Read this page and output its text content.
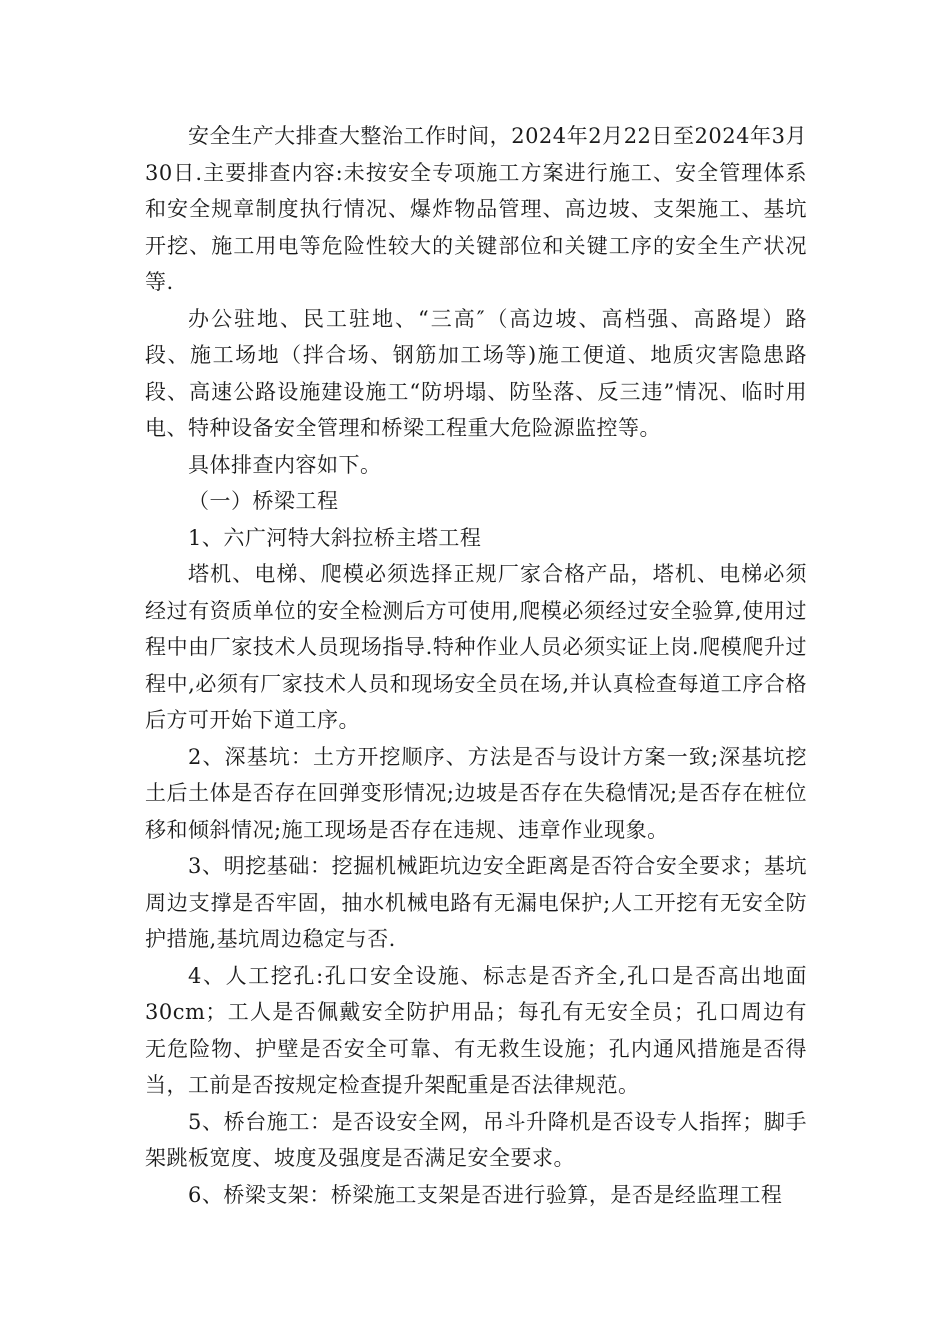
安全生产大排查大整治工作时间，2024年2月22日至2024年3月30日.主要排查内容:未按安全专项施工方案进行施工、安全管理体系和安全规章制度执行情况、爆炸物品管理、高边坡、支架施工、基坑开挖、施工用电等危险性较大的关键部位和关键工序的安全生产状况等.

办公驻地、民工驻地、“三高″（高边坡、高档强、高路堤）路段、施工场地（拌合场、钢筋加工场等)施工便道、地质灾害隐患路段、高速公路设施建设施工“防坍塌、防坠落、反三违”情况、临时用电、特种设备安全管理和桥梁工程重大危险源监控等。

具体排查内容如下。

（一）桥梁工程

1、六广河特大斜拉桥主塔工程

塔机、电梯、爬模必须选择正规厂家合格产品，塔机、电梯必须经过有资质单位的安全检测后方可使用,爬模必须经过安全验算,使用过程中由厂家技术人员现场指导.特种作业人员必须实证上岗.爬模爬升过程中,必须有厂家技术人员和现场安全员在场,并认真检查每道工序合格后方可开始下道工序。

2、深基坑：土方开挖顺序、方法是否与设计方案一致;深基坑挖土后土体是否存在回弹变形情况;边坡是否存在失稳情况;是否存在桩位移和倾斜情况;施工现场是否存在违规、违章作业现象。

3、明挖基础：挖掘机械距坑边安全距离是否符合安全要求；基坑周边支撑是否牢固，抽水机械电路有无漏电保护;人工开挖有无安全防护措施,基坑周边稳定与否.

4、人工挖孔:孔口安全设施、标志是否齐全,孔口是否高出地面30cm；工人是否佩戴安全防护用品；每孔有无安全员；孔口周边有无危险物、护壁是否安全可靠、有无救生设施；孔内通风措施是否得当，工前是否按规定检查提升架配重是否法律规范。

5、桥台施工：是否设安全网，吊斗升降机是否设专人指挥；脚手架跳板宽度、坡度及强度是否满足安全要求。

6、桥梁支架：桥梁施工支架是否进行验算，是否是经监理工程
